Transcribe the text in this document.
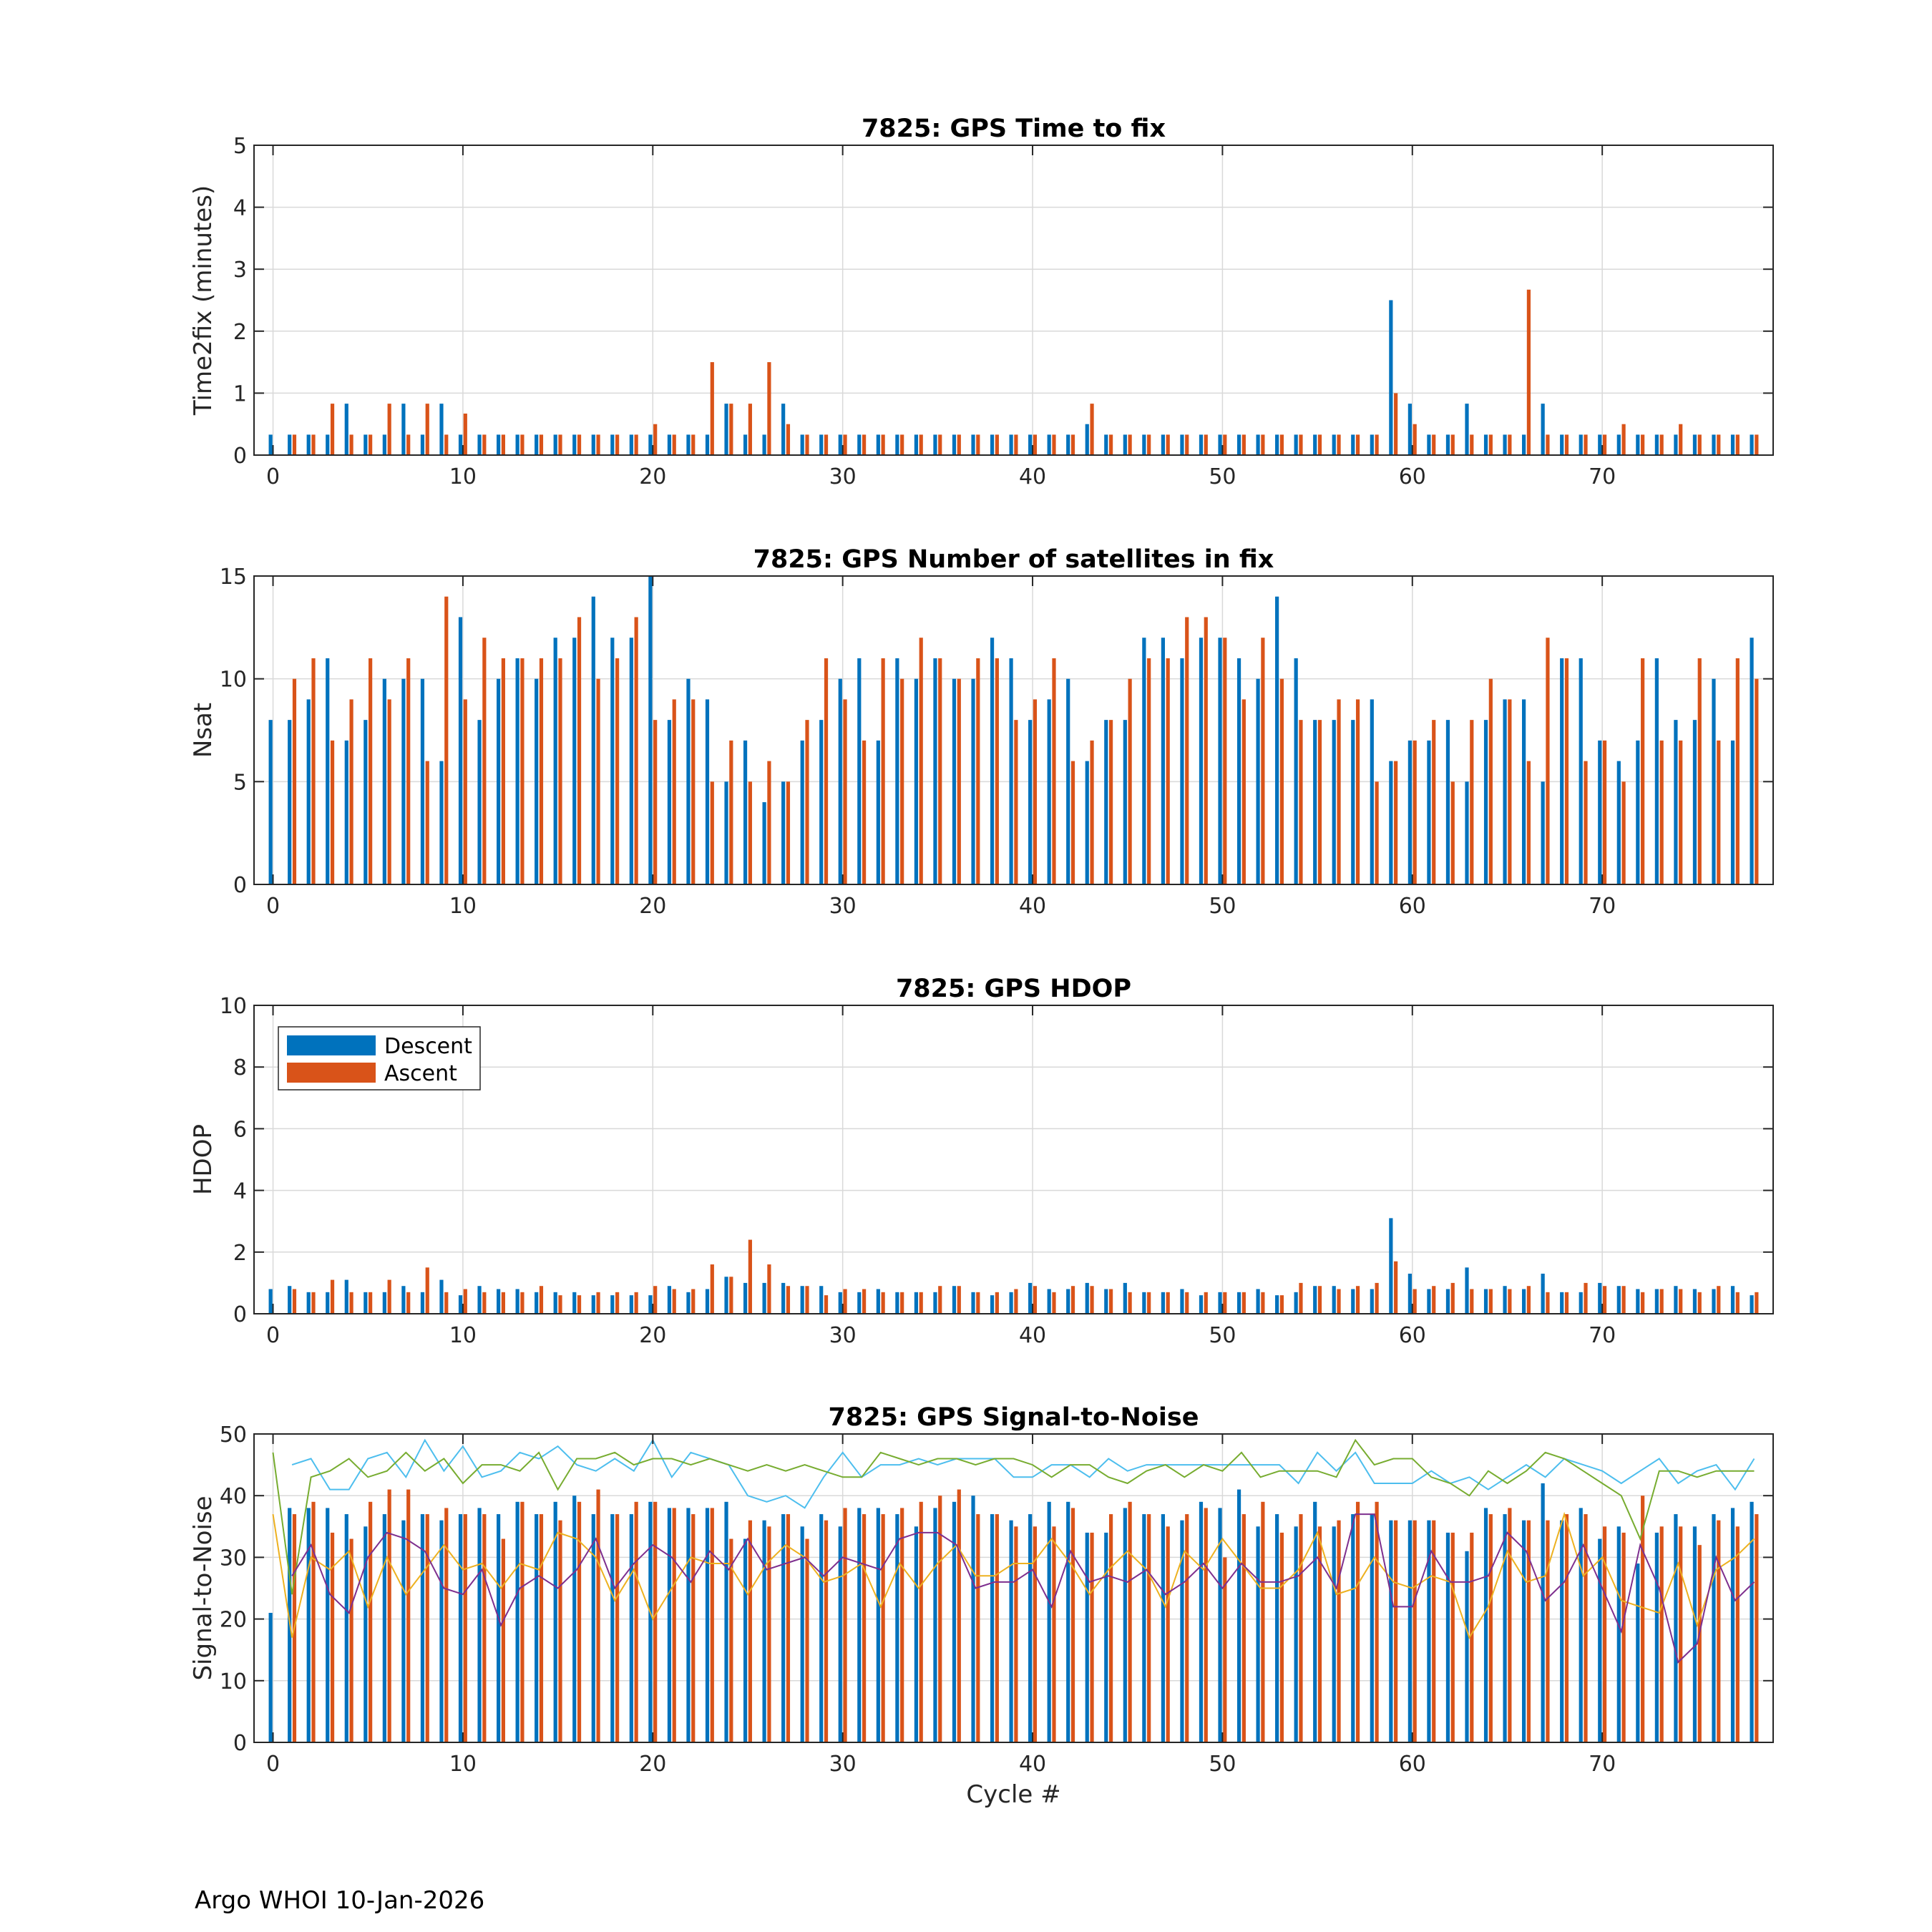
0	10	20	30	40	50	60	70
0
1
2
3
4
5
7825: GPS Time to fix
Time2fix (minutes)
0	10	20	30	40	50	60	70
0
5
10
15
7825: GPS Number of satellites in fix
Nsat
0	10	20	30	40	50	60	70
0
2
4
6
8
10
7825: GPS HDOP
HDOP
Descent
Ascent
0	10	20	30	40	50	60	70
0
10
20
30
40
50
7825: GPS Signal-to-Noise
Signal-to-Noise
Cycle #
Argo WHOI 10-Jan-2026
